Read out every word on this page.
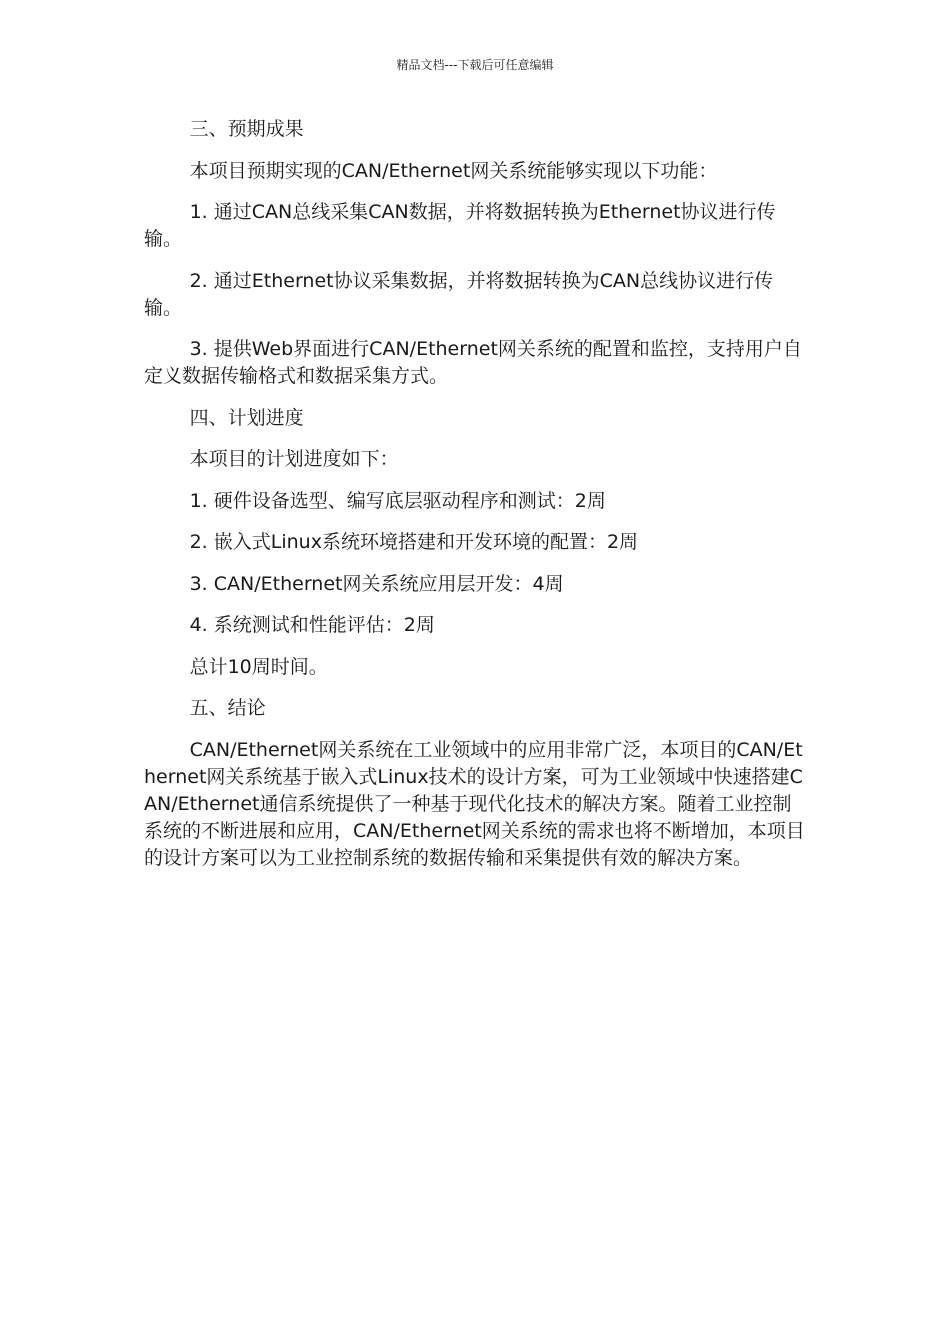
精品文档---下载后可任意编辑

三、预期成果

本项目预期实现的CAN/Ethernet网关系统能够实现以下功能：

1. 通过CAN总线采集CAN数据，并将数据转换为Ethernet协议进行传输。

2. 通过Ethernet协议采集数据，并将数据转换为CAN总线协议进行传输。

3. 提供Web界面进行CAN/Ethernet网关系统的配置和监控，支持用户自定义数据传输格式和数据采集方式。

四、计划进度

本项目的计划进度如下：

1. 硬件设备选型、编写底层驱动程序和测试：2周

2. 嵌入式Linux系统环境搭建和开发环境的配置：2周

3. CAN/Ethernet网关系统应用层开发：4周

4. 系统测试和性能评估：2周

总计10周时间。

五、结论

CAN/Ethernet网关系统在工业领域中的应用非常广泛，本项目的CAN/Ethernet网关系统基于嵌入式Linux技术的设计方案，可为工业领域中快速搭建CAN/Ethernet通信系统提供了一种基于现代化技术的解决方案。随着工业控制系统的不断进展和应用，CAN/Ethernet网关系统的需求也将不断增加，本项目的设计方案可以为工业控制系统的数据传输和采集提供有效的解决方案。
